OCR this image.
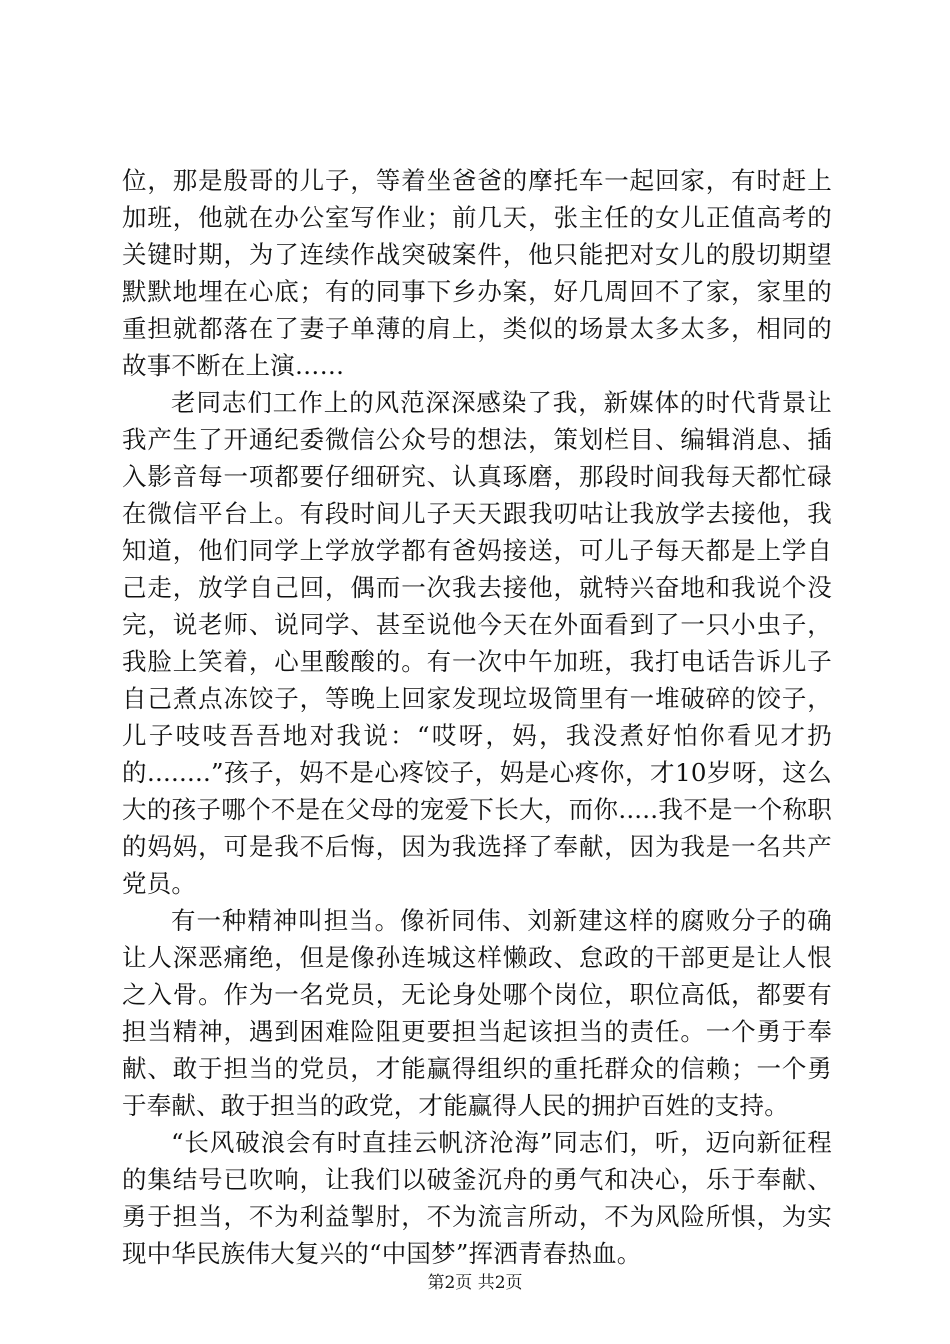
位，那是殷哥的儿子，等着坐爸爸的摩托车一起回家，有时赶上加班，他就在办公室写作业；前几天，张主任的女儿正值高考的关键时期，为了连续作战突破案件，他只能把对女儿的殷切期望默默地埋在心底；有的同事下乡办案，好几周回不了家，家里的重担就都落在了妻子单薄的肩上，类似的场景太多太多，相同的故事不断在上演……

老同志们工作上的风范深深感染了我，新媒体的时代背景让我产生了开通纪委微信公众号的想法，策划栏目、编辑消息、插入影音每一项都要仔细研究、认真琢磨，那段时间我每天都忙碌在微信平台上。有段时间儿子天天跟我叨咕让我放学去接他，我知道，他们同学上学放学都有爸妈接送，可儿子每天都是上学自己走，放学自己回，偶而一次我去接他，就特兴奋地和我说个没完，说老师、说同学、甚至说他今天在外面看到了一只小虫子，我脸上笑着，心里酸酸的。有一次中午加班，我打电话告诉儿子自己煮点冻饺子，等晚上回家发现垃圾筒里有一堆破碎的饺子，儿子吱吱吾吾地对我说：“哎呀，妈，我没煮好怕你看见才扔的........”孩子，妈不是心疼饺子，妈是心疼你，才10岁呀，这么大的孩子哪个不是在父母的宠爱下长大，而你.....我不是一个称职的妈妈，可是我不后悔，因为我选择了奉献，因为我是一名共产党员。

有一种精神叫担当。像祈同伟、刘新建这样的腐败分子的确让人深恶痛绝，但是像孙连城这样懒政、怠政的干部更是让人恨之入骨。作为一名党员，无论身处哪个岗位，职位高低，都要有担当精神，遇到困难险阻更要担当起该担当的责任。一个勇于奉献、敢于担当的党员，才能赢得组织的重托群众的信赖；一个勇于奉献、敢于担当的政党，才能赢得人民的拥护百姓的支持。

“长风破浪会有时直挂云帆济沧海”同志们，听，迈向新征程的集结号已吹响，让我们以破釜沉舟的勇气和决心，乐于奉献、勇于担当，不为利益掣肘，不为流言所动，不为风险所惧，为实现中华民族伟大复兴的“中国梦”挥洒青春热血。

第2页 共2页
